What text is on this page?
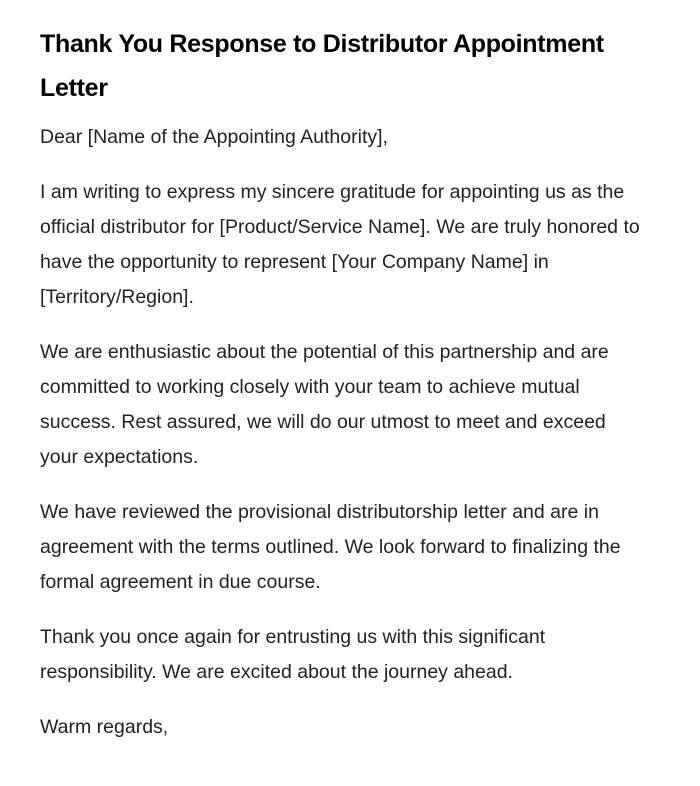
Thank You Response to Distributor Appointment Letter

Dear [Name of the Appointing Authority],

I am writing to express my sincere gratitude for appointing us as the official distributor for [Product/Service Name]. We are truly honored to have the opportunity to represent [Your Company Name] in [Territory/Region].

We are enthusiastic about the potential of this partnership and are committed to working closely with your team to achieve mutual success. Rest assured, we will do our utmost to meet and exceed your expectations.

We have reviewed the provisional distributorship letter and are in agreement with the terms outlined. We look forward to finalizing the formal agreement in due course.

Thank you once again for entrusting us with this significant responsibility. We are excited about the journey ahead.

Warm regards,
